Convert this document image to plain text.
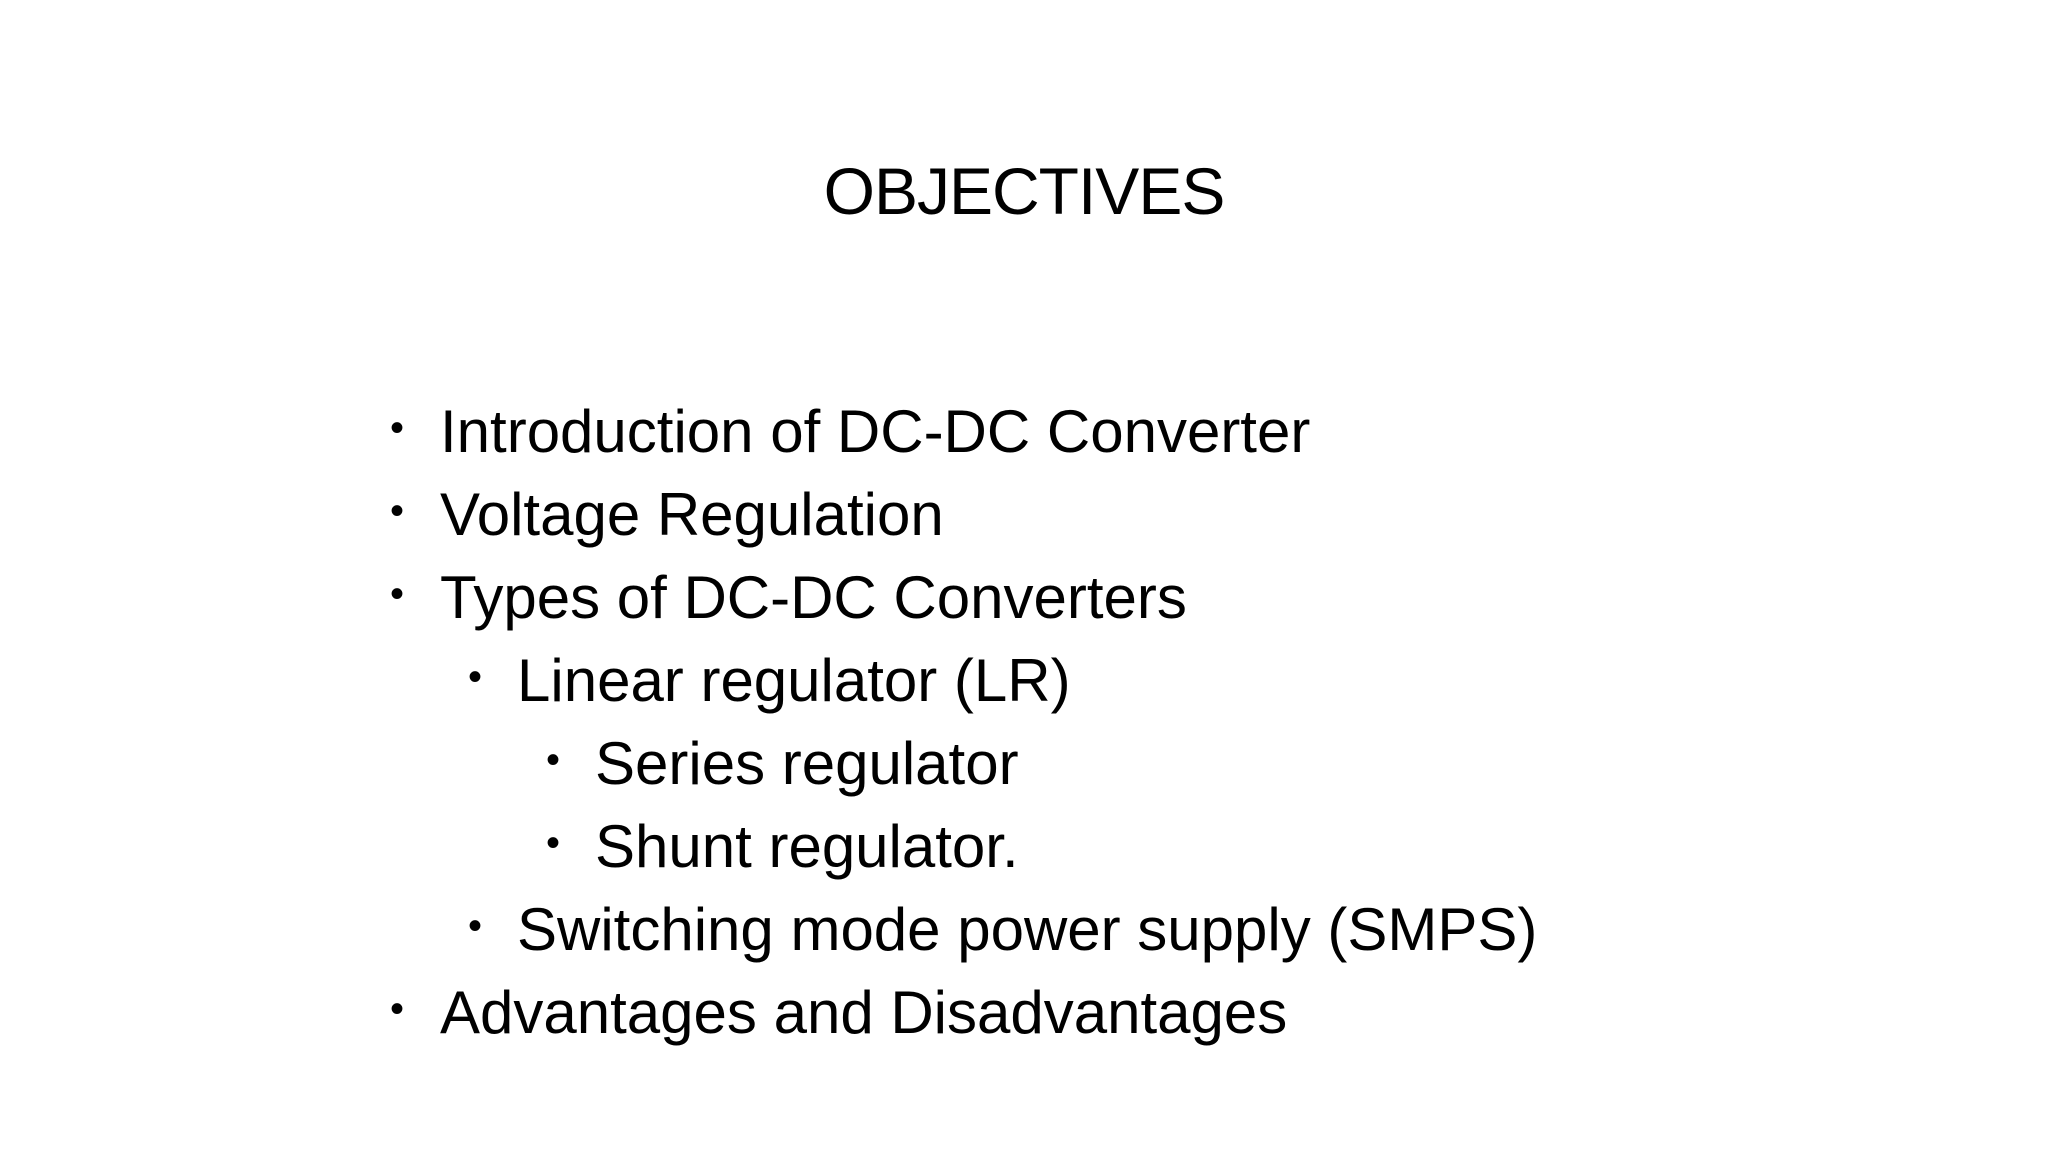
OBJECTIVES
• Introduction of DC-DC Converter
• Voltage Regulation
• Types of DC-DC Converters
• Linear regulator (LR)
• Series regulator
• Shunt regulator.
• Switching mode power supply (SMPS)
• Advantages and Disadvantages
